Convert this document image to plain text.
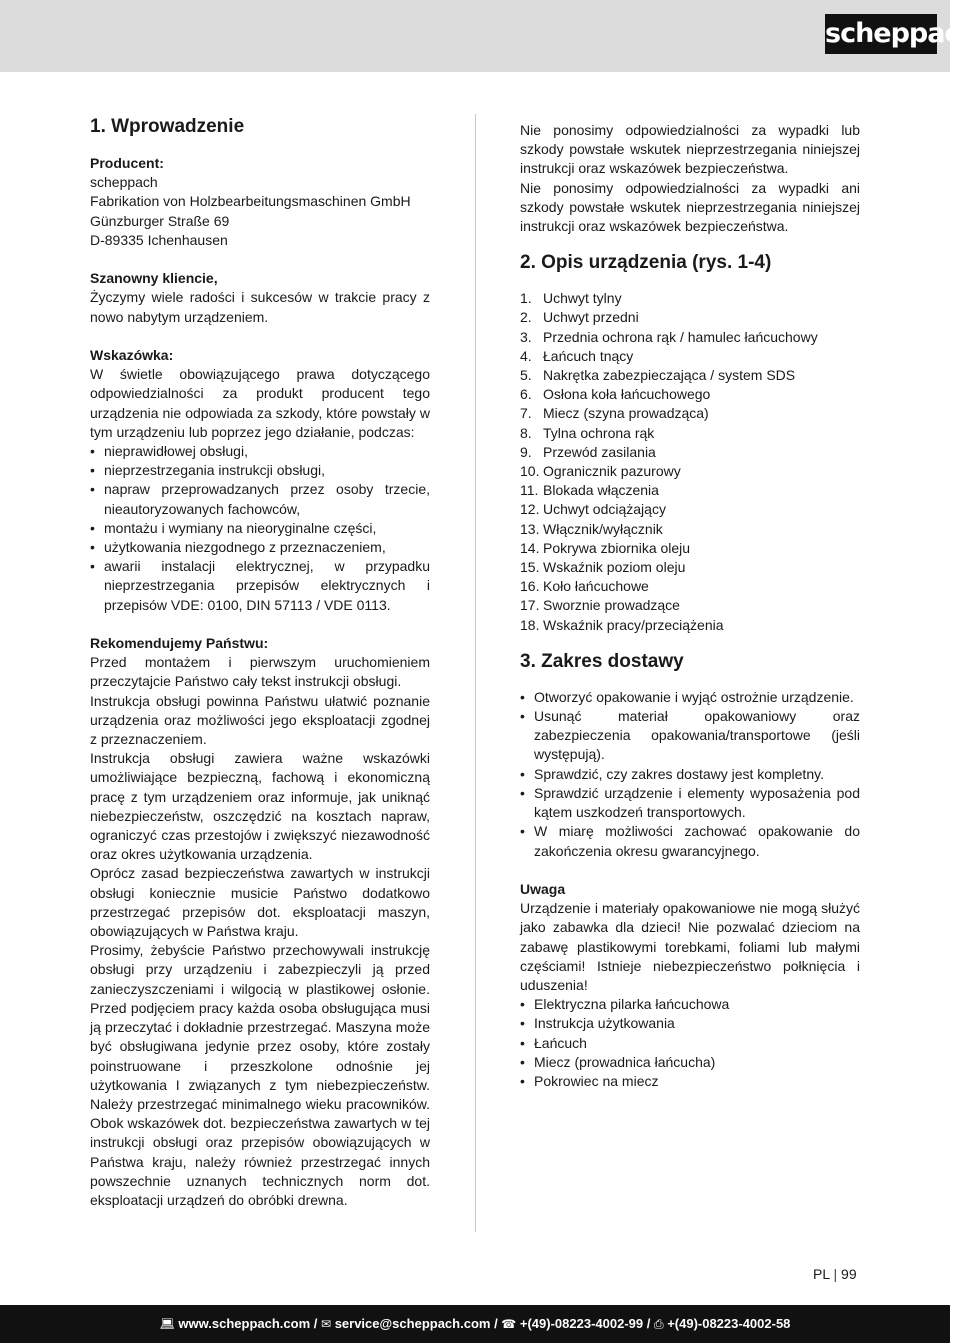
scheppach
1. Wprowadzenie
Producent:
scheppach
Fabrikation von Holzbearbeitungsmaschinen GmbH
Günzburger Straße 69
D-89335 Ichenhausen
Szanowny kliencie,

Życzymy wiele radości i sukcesów w trakcie pracy z nowo nabytym urządzeniem.

Wskazówka:

W świetle obowiązującego prawa dotyczącego odpowiedzialności za produkt producent tego urządzenia nie odpowiada za szkody, które powstały w tym urządzeniu lub poprzez jego działanie, podczas:

• nieprawidłowej obsługi,
• nieprzestrzegania instrukcji obsługi,
• napraw przeprowadzanych przez osoby trzecie, nieautoryzowanych fachowców,
• montażu i wymiany na nieoryginalne części,
• użytkowania niezgodnego z przeznaczeniem,
• awarii instalacji elektrycznej, w przypadku nieprzestrzegania przepisów elektrycznych i przepisów VDE: 0100, DIN 57113 / VDE 0113.
Rekomendujemy Państwu:

Przed montażem i pierwszym uruchomieniem przeczytajcie Państwo cały tekst instrukcji obsługi.

Instrukcja obsługi powinna Państwu ułatwić poznanie urządzenia oraz możliwości jego eksploatacji zgodnej z przeznaczeniem.

Instrukcja obsługi zawiera ważne wskazówki umożliwiające bezpieczną, fachową i ekonomiczną pracę z tym urządzeniem oraz informuje, jak uniknąć niebezpieczeństw, oszczędzić na kosztach napraw, ograniczyć czas przestojów i zwiększyć niezawodność oraz okres użytkowania urządzenia.

Oprócz zasad bezpieczeństwa zawartych w instrukcji obsługi koniecznie musicie Państwo dodatkowo przestrzegać przepisów dot. eksploatacji maszyn, obowiązujących w Państwa kraju.

Prosimy, żebyście Państwo przechowywali instrukcję obsługi przy urządzeniu i zabezpieczyli ją przed zanieczyszczeniami i wilgocią w plastikowej osłonie. Przed podjęciem pracy każda osoba obsługująca musi ją przeczytać i dokładnie przestrzegać. Maszyna może być obsługiwana jedynie przez osoby, które zostały poinstruowane i przeszkolone odnośnie jej użytkowania I związanych z tym niebezpieczeństw. Należy przestrzegać minimalnego wieku pracowników. Obok wskazówek dot. bezpieczeństwa zawartych w tej instrukcji obsługi oraz przepisów obowiązujących w Państwa kraju, należy również przestrzegać innych powszechnie uznanych technicznych norm dot. eksploatacji urządzeń do obróbki drewna.

Nie ponosimy odpowiedzialności za wypadki lub szkody powstałe wskutek nieprzestrzegania niniejszej instrukcji oraz wskazówek bezpieczeństwa.

Nie ponosimy odpowiedzialności za wypadki ani szkody powstałe wskutek nieprzestrzegania niniejszej instrukcji oraz wskazówek bezpieczeństwa.

2. Opis urządzenia (rys. 1-4)
1. Uchwyt tylny
2. Uchwyt przedni
3. Przednia ochrona rąk / hamulec łańcuchowy
4. Łańcuch tnący
5. Nakrętka zabezpieczająca / system SDS
6. Osłona koła łańcuchowego
7. Miecz (szyna prowadząca)
8. Tylna ochrona rąk
9. Przewód zasilania
10. Ogranicznik pazurowy
11. Blokada włączenia
12. Uchwyt odciążający
13. Włącznik/wyłącznik
14. Pokrywa zbiornika oleju
15. Wskaźnik poziom oleju
16. Koło łańcuchowe
17. Sworznie prowadzące
18. Wskaźnik pracy/przeciążenia
3. Zakres dostawy
• Otworzyć opakowanie i wyjąć ostrożnie urządzenie.
• Usunąć materiał opakowaniowy oraz zabezpieczenia opakowania/transportowe (jeśli występują).
• Sprawdzić, czy zakres dostawy jest kompletny.
• Sprawdzić urządzenie i elementy wyposażenia pod kątem uszkodzeń transportowych.
• W miarę możliwości zachować opakowanie do zakończenia okresu gwarancyjnego.
Uwaga

Urządzenie i materiały opakowaniowe nie mogą służyć jako zabawka dla dzieci! Nie pozwalać dzieciom na zabawę plastikowymi torebkami, foliami lub małymi częściami! Istnieje niebezpieczeństwo połknięcia i uduszenia!

• Elektryczna pilarka łańcuchowa
• Instrukcja użytkowania
• Łańcuch
• Miecz (prowadnica łańcucha)
• Pokrowiec na miecz
PL | 99
💻︎ www.scheppach.com / ✉︎ service@scheppach.com / ☎︎ +(49)-08223-4002-99 / ⎙ +(49)-08223-4002-58
